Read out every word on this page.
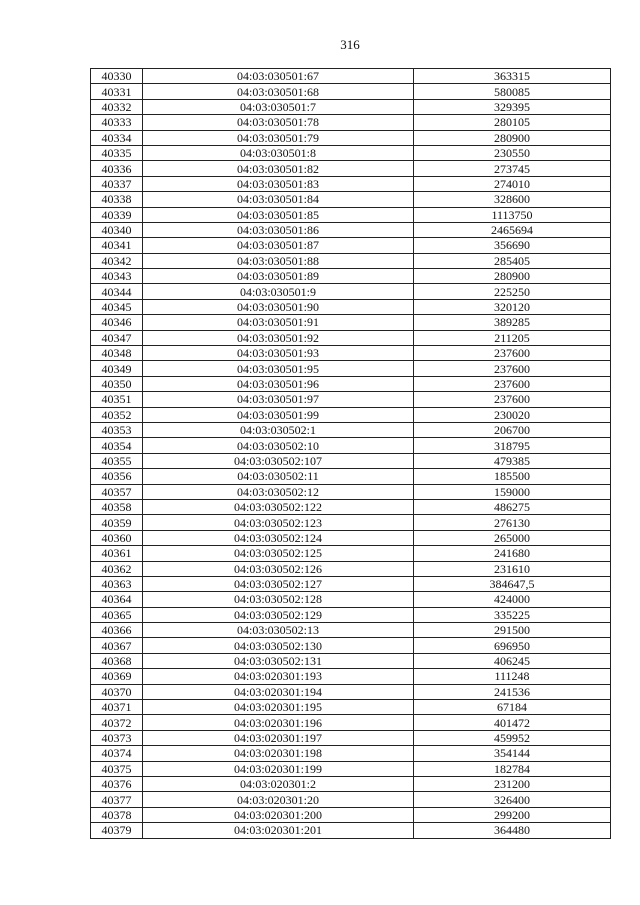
316
40330	04:03:030501:67	363315
40331	04:03:030501:68	580085
40332	04:03:030501:7	329395
40333	04:03:030501:78	280105
40334	04:03:030501:79	280900
40335	04:03:030501:8	230550
40336	04:03:030501:82	273745
40337	04:03:030501:83	274010
40338	04:03:030501:84	328600
40339	04:03:030501:85	1113750
40340	04:03:030501:86	2465694
40341	04:03:030501:87	356690
40342	04:03:030501:88	285405
40343	04:03:030501:89	280900
40344	04:03:030501:9	225250
40345	04:03:030501:90	320120
40346	04:03:030501:91	389285
40347	04:03:030501:92	211205
40348	04:03:030501:93	237600
40349	04:03:030501:95	237600
40350	04:03:030501:96	237600
40351	04:03:030501:97	237600
40352	04:03:030501:99	230020
40353	04:03:030502:1	206700
40354	04:03:030502:10	318795
40355	04:03:030502:107	479385
40356	04:03:030502:11	185500
40357	04:03:030502:12	159000
40358	04:03:030502:122	486275
40359	04:03:030502:123	276130
40360	04:03:030502:124	265000
40361	04:03:030502:125	241680
40362	04:03:030502:126	231610
40363	04:03:030502:127	384647,5
40364	04:03:030502:128	424000
40365	04:03:030502:129	335225
40366	04:03:030502:13	291500
40367	04:03:030502:130	696950
40368	04:03:030502:131	406245
40369	04:03:020301:193	111248
40370	04:03:020301:194	241536
40371	04:03:020301:195	67184
40372	04:03:020301:196	401472
40373	04:03:020301:197	459952
40374	04:03:020301:198	354144
40375	04:03:020301:199	182784
40376	04:03:020301:2	231200
40377	04:03:020301:20	326400
40378	04:03:020301:200	299200
40379	04:03:020301:201	364480
